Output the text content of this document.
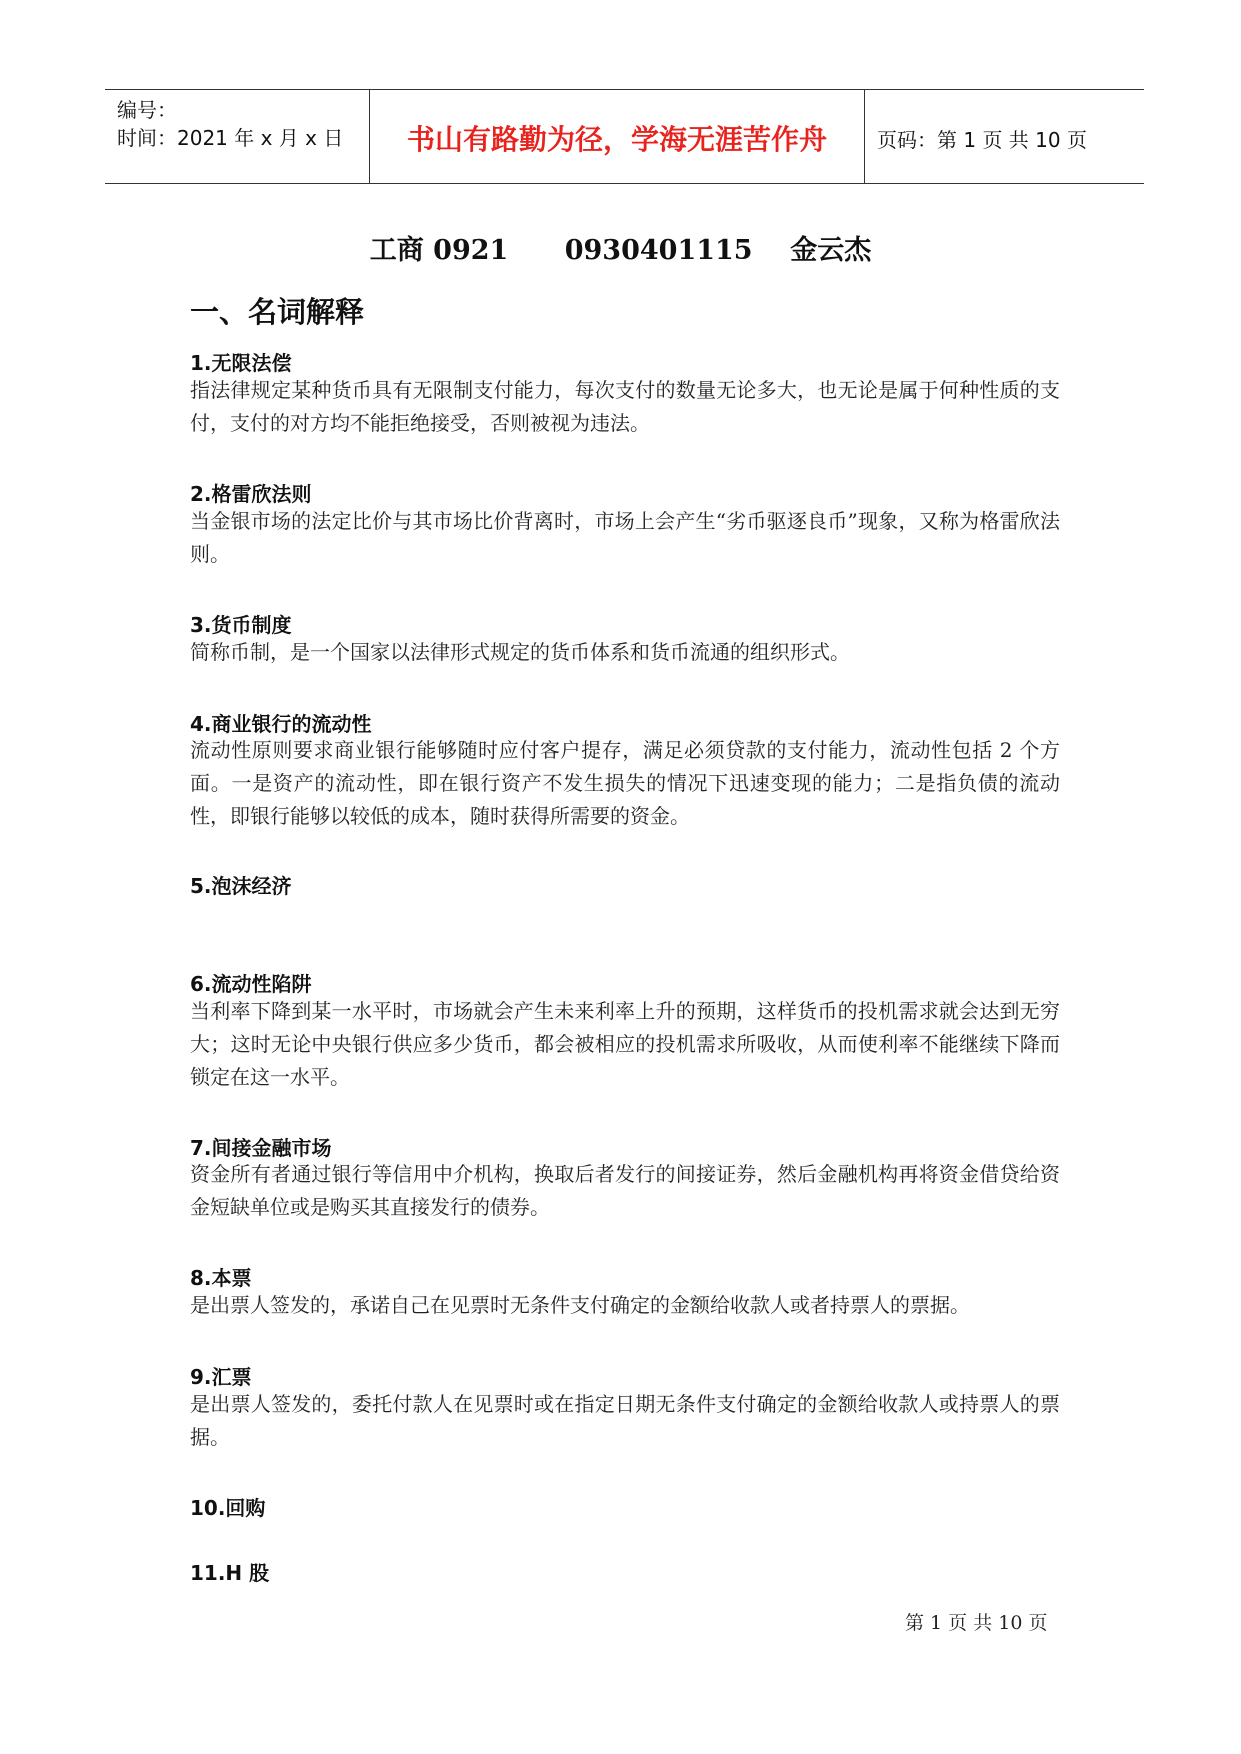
编号：
时间：2021 年 x 月 x 日	书山有路勤为径，学海无涯苦作舟	页码：第 1 页 共 10 页
工商 0921      0930401115    金云杰
一、名词解释
1.无限法偿
指法律规定某种货币具有无限制支付能力，每次支付的数量无论多大，也无论是属于何种性质的支付，支付的对方均不能拒绝接受，否则被视为违法。
2.格雷欣法则
当金银市场的法定比价与其市场比价背离时，市场上会产生“劣币驱逐良币”现象，又称为格雷欣法则。
3.货币制度
简称币制，是一个国家以法律形式规定的货币体系和货币流通的组织形式。
4.商业银行的流动性
流动性原则要求商业银行能够随时应付客户提存，满足必须贷款的支付能力，流动性包括 2 个方面。一是资产的流动性，即在银行资产不发生损失的情况下迅速变现的能力；二是指负债的流动性，即银行能够以较低的成本，随时获得所需要的资金。
5.泡沫经济
6.流动性陷阱
当利率下降到某一水平时，市场就会产生未来利率上升的预期，这样货币的投机需求就会达到无穷大；这时无论中央银行供应多少货币，都会被相应的投机需求所吸收，从而使利率不能继续下降而锁定在这一水平。
7.间接金融市场
资金所有者通过银行等信用中介机构，换取后者发行的间接证券，然后金融机构再将资金借贷给资金短缺单位或是购买其直接发行的债券。
8.本票
是出票人签发的，承诺自己在见票时无条件支付确定的金额给收款人或者持票人的票据。
9.汇票
是出票人签发的，委托付款人在见票时或在指定日期无条件支付确定的金额给收款人或持票人的票据。
10.回购
11.H 股
第 1 页 共 10 页
